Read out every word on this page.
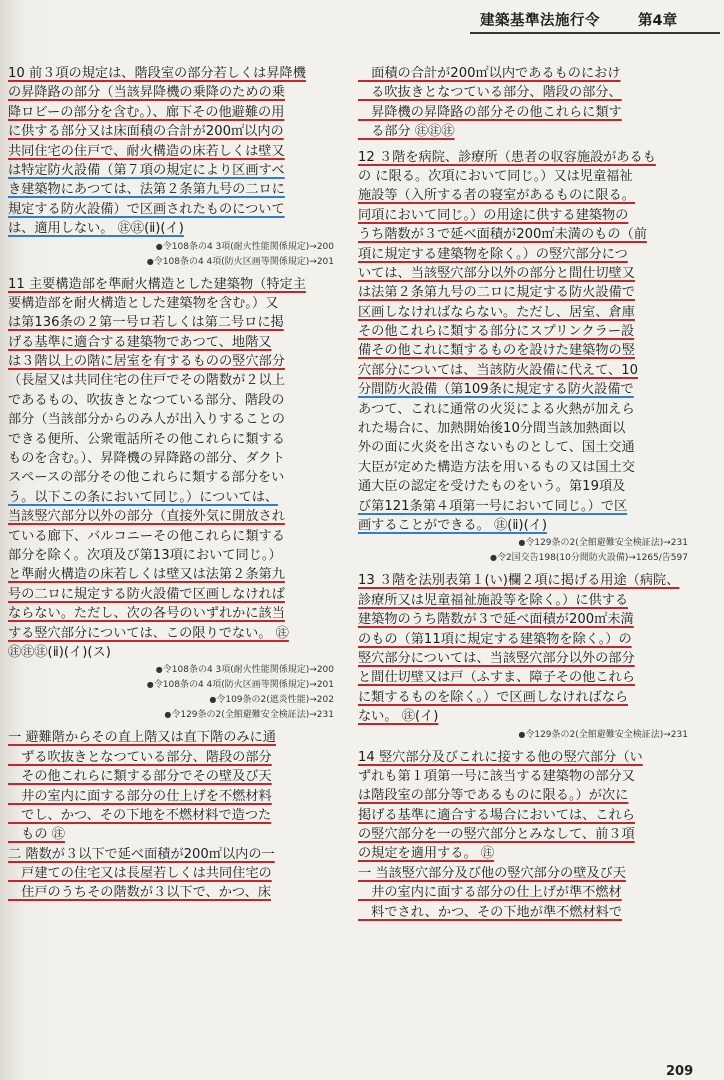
建築基準法施行令	第4章
10 前３項の規定は、階段室の部分若しくは昇降機
の昇降路の部分（当該昇降機の乗降のための乗
降ロビーの部分を含む。）、廊下その他避難の用
に供する部分又は床面積の合計が200㎡以内の
共同住宅の住戸で、耐火構造の床若しくは壁又
は特定防火設備（第７項の規定により区画すべ
き建築物にあつては、法第２条第九号の二ロに
規定する防火設備）で区画されたものについて
は、適用しない。 ㊟㊟(ⅱ)(イ)
● 令108条の4 3項(耐火性能関係規定)→200
● 令108条の4 4項(防火区画等関係規定)→201
11 主要構造部を準耐火構造とした建築物（特定主
要構造部を耐火構造とした建築物を含む。）又
は第136条の２第一号ロ若しくは第二号ロに掲
げる基準に適合する建築物であつて、地階又
は３階以上の階に居室を有するものの竪穴部分
（長屋又は共同住宅の住戸でその階数が２以上
であるもの、吹抜きとなつている部分、階段の
部分（当該部分からのみ人が出入りすることの
できる便所、公衆電話所その他これらに類する
ものを含む。）、昇降機の昇降路の部分、ダクト
スペースの部分その他これらに類する部分をい
う。以下この条において同じ。）については、
当該竪穴部分以外の部分（直接外気に開放され
ている廊下、バルコニーその他これらに類する
部分を除く。次項及び第13項において同じ。）
と準耐火構造の床若しくは壁又は法第２条第九
号の二ロに規定する防火設備で区画しなければ
ならない。ただし、次の各号のいずれかに該当
する竪穴部分については、この限りでない。 ㊟
㊟㊟㊟(ⅱ)(イ)(ス)
● 令108条の4 3項(耐火性能関係規定)→200
● 令108条の4 4項(防火区画等関係規定)→201
● 令109条の2(遮炎性能)→202
● 令129条の2(全館避難安全検証法)→231
一 避難階からその直上階又は直下階のみに通
　ずる吹抜きとなつている部分、階段の部分
　その他これらに類する部分でその壁及び天
　井の室内に面する部分の仕上げを不燃材料
　でし、かつ、その下地を不燃材料で造つた
　もの ㊟
二 階数が３以下で延べ面積が200㎡以内の一
　戸建ての住宅又は長屋若しくは共同住宅の
　住戸のうちその階数が３以下で、かつ、床
　面積の合計が200㎡以内であるものにおけ
　る吹抜きとなつている部分、階段の部分、
　昇降機の昇降路の部分その他これらに類す
　る部分 ㊟㊟㊟
12 ３階を病院、診療所（患者の収容施設があるも
の に限る。次項において同じ。）又は児童福祉
施設等（入所する者の寝室があるものに限る。
同項において同じ。）の用途に供する建築物の
うち階数が３で延べ面積が200㎡未満のもの（前
項に規定する建築物を除く。）の竪穴部分につ
いては、当該竪穴部分以外の部分と間仕切壁又
は法第２条第九号の二ロに規定する防火設備で
区画しなければならない。ただし、居室、倉庫
その他これらに類する部分にスプリンクラー設
備その他これに類するものを設けた建築物の竪
穴部分については、当該防火設備に代えて、10
分間防火設備（第109条に規定する防火設備で
あつて、これに通常の火災による火熱が加えら
れた場合に、加熱開始後10分間当該加熱面以
外の面に火炎を出さないものとして、国土交通
大臣が定めた構造方法を用いるもの又は国土交
通大臣の認定を受けたものをいう。第19項及
び第121条第４項第一号において同じ。）で区
画することができる。 ㊟(ⅱ)(イ)
● 令129条の2(全館避難安全検証法)→231
● 令2国交告198(10分間防火設備)→1265/告597
13 ３階を法別表第１(い)欄２項に掲げる用途（病院、
診療所又は児童福祉施設等を除く。）に供する
建築物のうち階数が３で延べ面積が200㎡未満
のもの（第11項に規定する建築物を除く。）の
竪穴部分については、当該竪穴部分以外の部分
と間仕切壁又は戸（ふすま、障子その他これら
に類するものを除く。）で区画しなければなら
ない。 ㊟(イ)
● 令129条の2(全館避難安全検証法)→231
14 竪穴部分及びこれに接する他の竪穴部分（い
ずれも第１項第一号に該当する建築物の部分又
は階段室の部分等であるものに限る。）が次に
掲げる基準に適合する場合においては、これら
の竪穴部分を一の竪穴部分とみなして、前３項
の規定を適用する。 ㊟
一 当該竪穴部分及び他の竪穴部分の壁及び天
　井の室内に面する部分の仕上げが準不燃材
　料でされ、かつ、その下地が準不燃材料で
209
